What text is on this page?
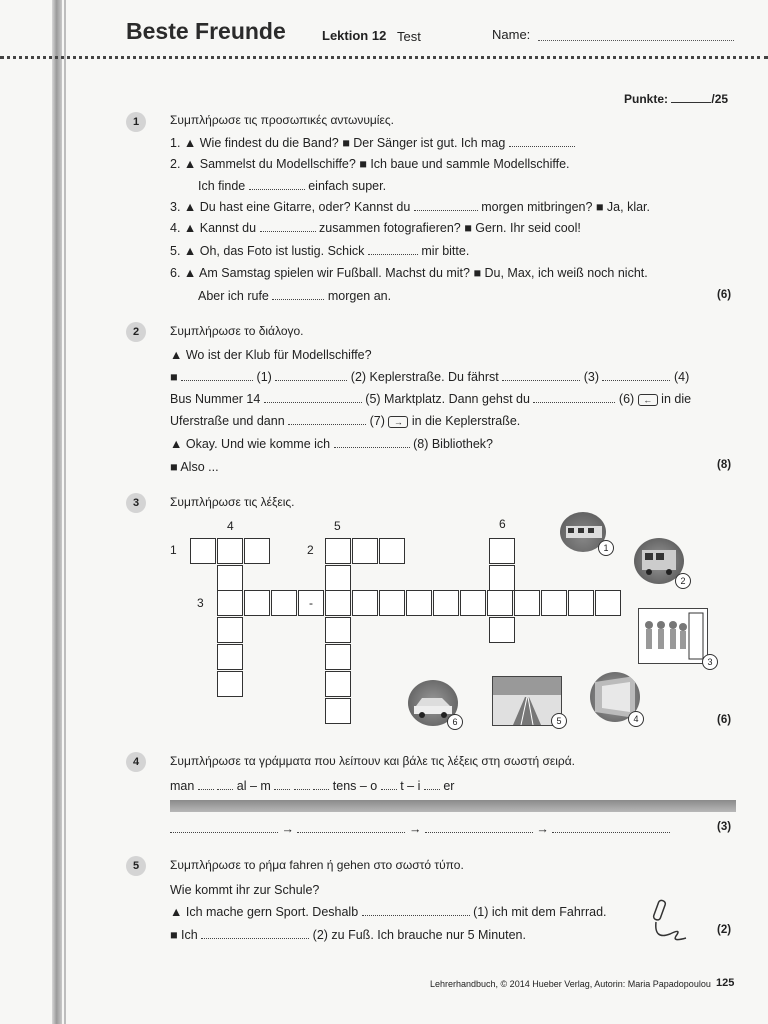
Beste Freunde	Lektion 12 Test	Name:
Punkte:	/25
1	Συμπλήρωσε τις προσωπικές αντωνυμίες.
1. ▲ Wie findest du die Band? ■ Der Sänger ist gut. Ich mag
2. ▲ Sammelst du Modellschiffe? ■ Ich baue und sammle Modellschiffe.
Ich finde	einfach super.
3. ▲ Du hast eine Gitarre, oder? Kannst du	morgen mitbringen? ■ Ja, klar.
4. ▲ Kannst du	zusammen fotografieren? ■ Gern. Ihr seid cool!
5. ▲ Oh, das Foto ist lustig. Schick	mir bitte.
6. ▲ Am Samstag spielen wir Fußball. Machst du mit? ■ Du, Max, ich weiß noch nicht.
Aber ich rufe	morgen an.	(6)
2	Συμπλήρωσε το διάλογο.
▲ Wo ist der Klub für Modellschiffe?
■	(1)	(2) Keplerstraße. Du fährst	(3)	(4)
Bus Nummer 14	(5) Marktplatz. Dann gehst du	(6) ← in die
Uferstraße und dann	(7) → in die Keplerstraße.
▲ Okay. Und wie komme ich	(8) Bibliothek?
■ Also ...	(8)
3	Συμπλήρωσε τις λέξεις.
1	2
3
4	5	6
1
2
3
4
5
6	(6)
4	Συμπλήρωσε τα γράμματα που λείπουν και βάλε τις λέξεις στη σωστή σειρά.
man	al – m	tens – o t – i er
→	→	→	(3)
5	Συμπλήρωσε το ρήμα fahren ή gehen στο σωστό τύπο.
Wie kommt ihr zur Schule?
▲ Ich mache gern Sport. Deshalb	(1) ich mit dem Fahrrad.
■ Ich	(2) zu Fuß. Ich brauche nur 5 Minuten.	(2)
Lehrerhandbuch, © 2014 Hueber Verlag, Autorin: Maria Papadopoulou 125
-
